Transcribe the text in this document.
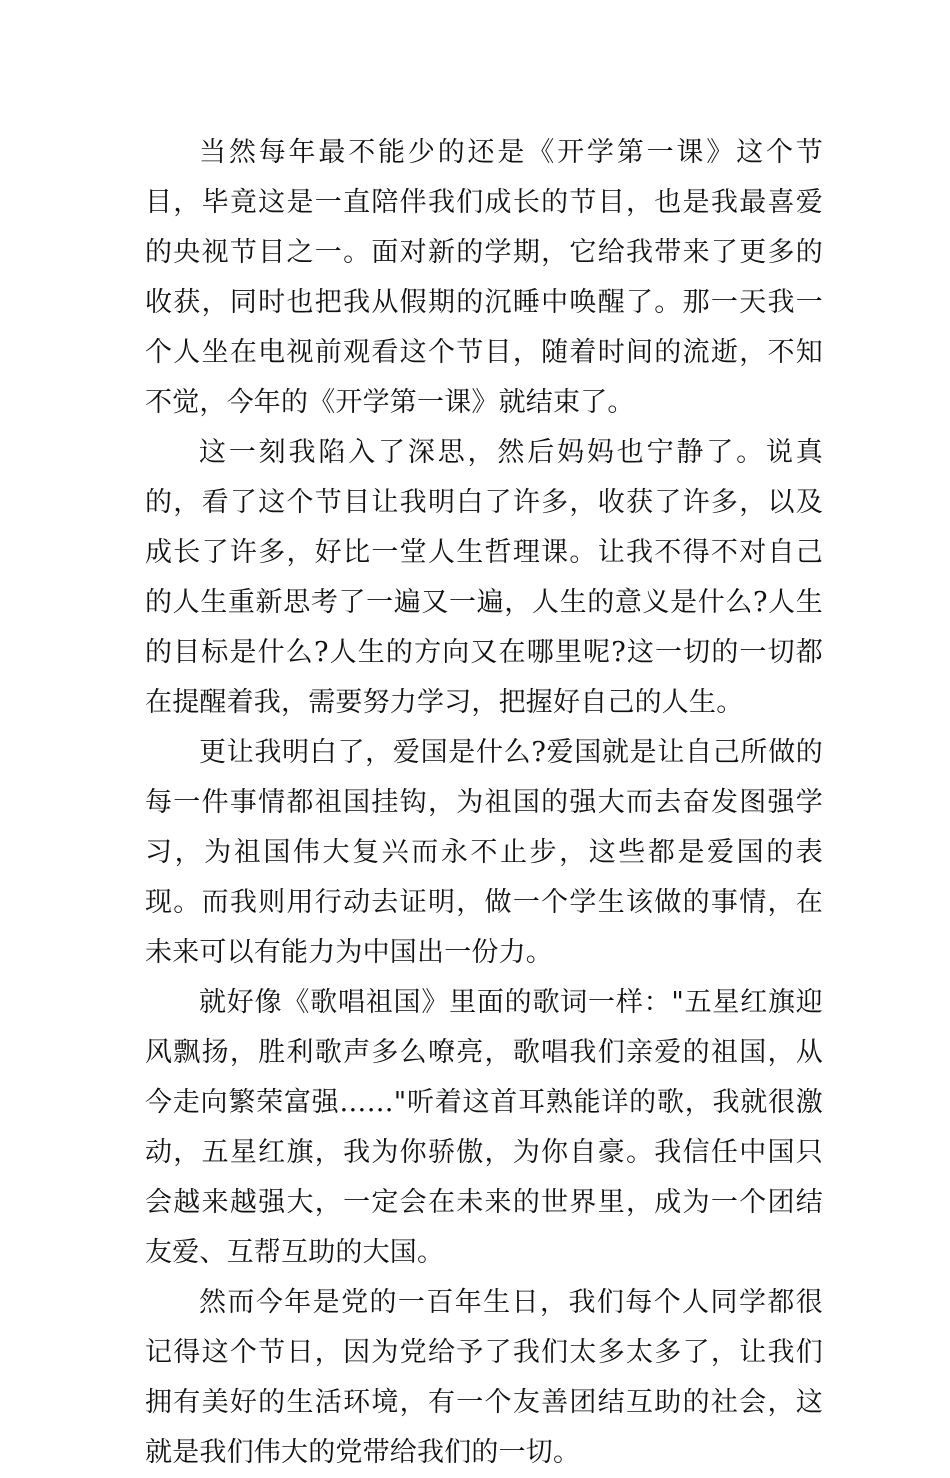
当然每年最不能少的还是《开学第一课》这个节目，毕竟这是一直陪伴我们成长的节目，也是我最喜爱的央视节目之一。面对新的学期，它给我带来了更多的收获，同时也把我从假期的沉睡中唤醒了。那一天我一个人坐在电视前观看这个节目，随着时间的流逝，不知不觉，今年的《开学第一课》就结束了。

这一刻我陷入了深思，然后妈妈也宁静了。说真的，看了这个节目让我明白了许多，收获了许多，以及成长了许多，好比一堂人生哲理课。让我不得不对自己的人生重新思考了一遍又一遍，人生的意义是什么?人生的目标是什么?人生的方向又在哪里呢?这一切的一切都在提醒着我，需要努力学习，把握好自己的人生。

更让我明白了，爱国是什么?爱国就是让自己所做的每一件事情都祖国挂钩，为祖国的强大而去奋发图强学习，为祖国伟大复兴而永不止步，这些都是爱国的表现。而我则用行动去证明，做一个学生该做的事情，在未来可以有能力为中国出一份力。

就好像《歌唱祖国》里面的歌词一样："五星红旗迎风飘扬，胜利歌声多么嘹亮，歌唱我们亲爱的祖国，从今走向繁荣富强……"听着这首耳熟能详的歌，我就很激动，五星红旗，我为你骄傲，为你自豪。我信任中国只会越来越强大，一定会在未来的世界里，成为一个团结友爱、互帮互助的大国。

然而今年是党的一百年生日，我们每个人同学都很记得这个节日，因为党给予了我们太多太多了，让我们拥有美好的生活环境，有一个友善团结互助的社会，这就是我们伟大的党带给我们的一切。
